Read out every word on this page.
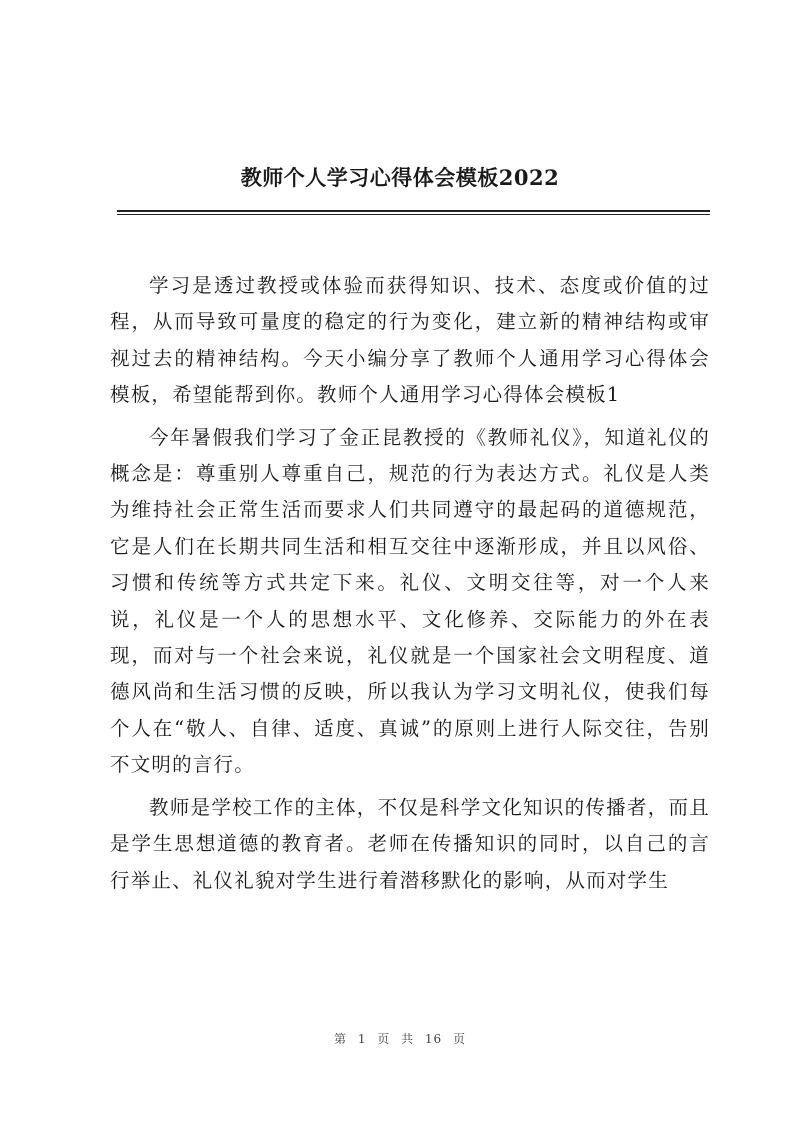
教师个人学习心得体会模板2022

学习是透过教授或体验而获得知识、技术、态度或价值的过程，从而导致可量度的稳定的行为变化，建立新的精神结构或审视过去的精神结构。今天小编分享了教师个人通用学习心得体会模板，希望能帮到你。教师个人通用学习心得体会模板1

今年暑假我们学习了金正昆教授的《教师礼仪》，知道礼仪的概念是：尊重别人尊重自己，规范的行为表达方式。礼仪是人类为维持社会正常生活而要求人们共同遵守的最起码的道德规范，它是人们在长期共同生活和相互交往中逐渐形成，并且以风俗、习惯和传统等方式共定下来。礼仪、文明交往等，对一个人来说，礼仪是一个人的思想水平、文化修养、交际能力的外在表现，而对与一个社会来说，礼仪就是一个国家社会文明程度、道德风尚和生活习惯的反映，所以我认为学习文明礼仪，使我们每个人在“敬人、自律、适度、真诚”的原则上进行人际交往，告别不文明的言行。

教师是学校工作的主体，不仅是科学文化知识的传播者，而且是学生思想道德的教育者。老师在传播知识的同时，以自己的言行举止、礼仪礼貌对学生进行着潜移默化的影响，从而对学生

第 1 页 共 16 页
